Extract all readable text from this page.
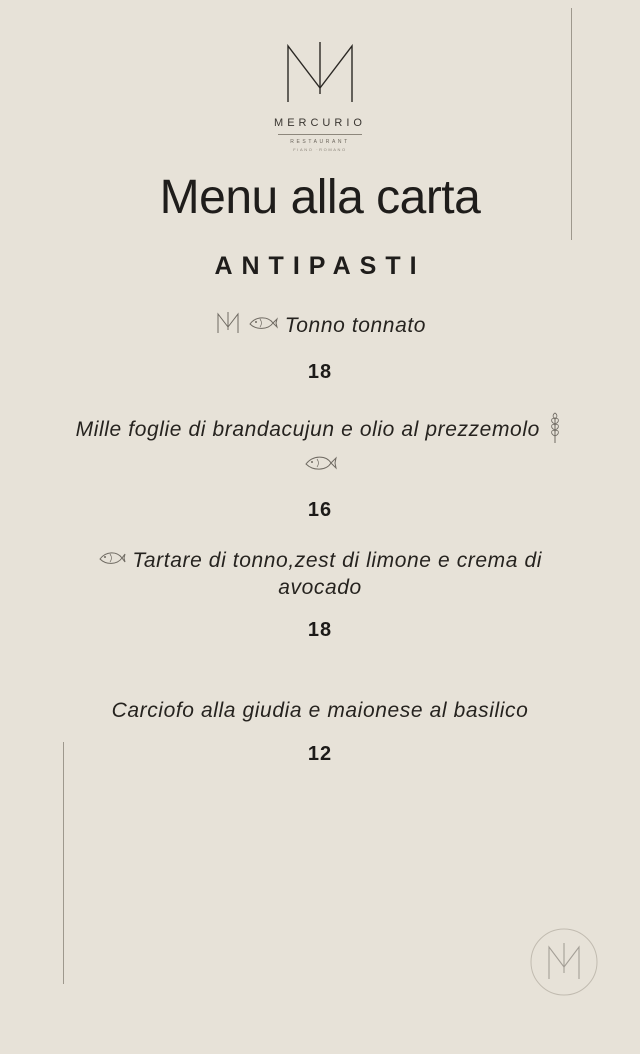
MERCURIO
RESTAURANT
FIANO ·ROMANO
Menu alla carta
ANTIPASTI
Tonno tonnato
18
Mille foglie di brandacujun e olio al prezzemolo
16
Tartare di tonno,zest di limone e crema di avocado
18
Carciofo alla giudia e maionese al basilico
12
